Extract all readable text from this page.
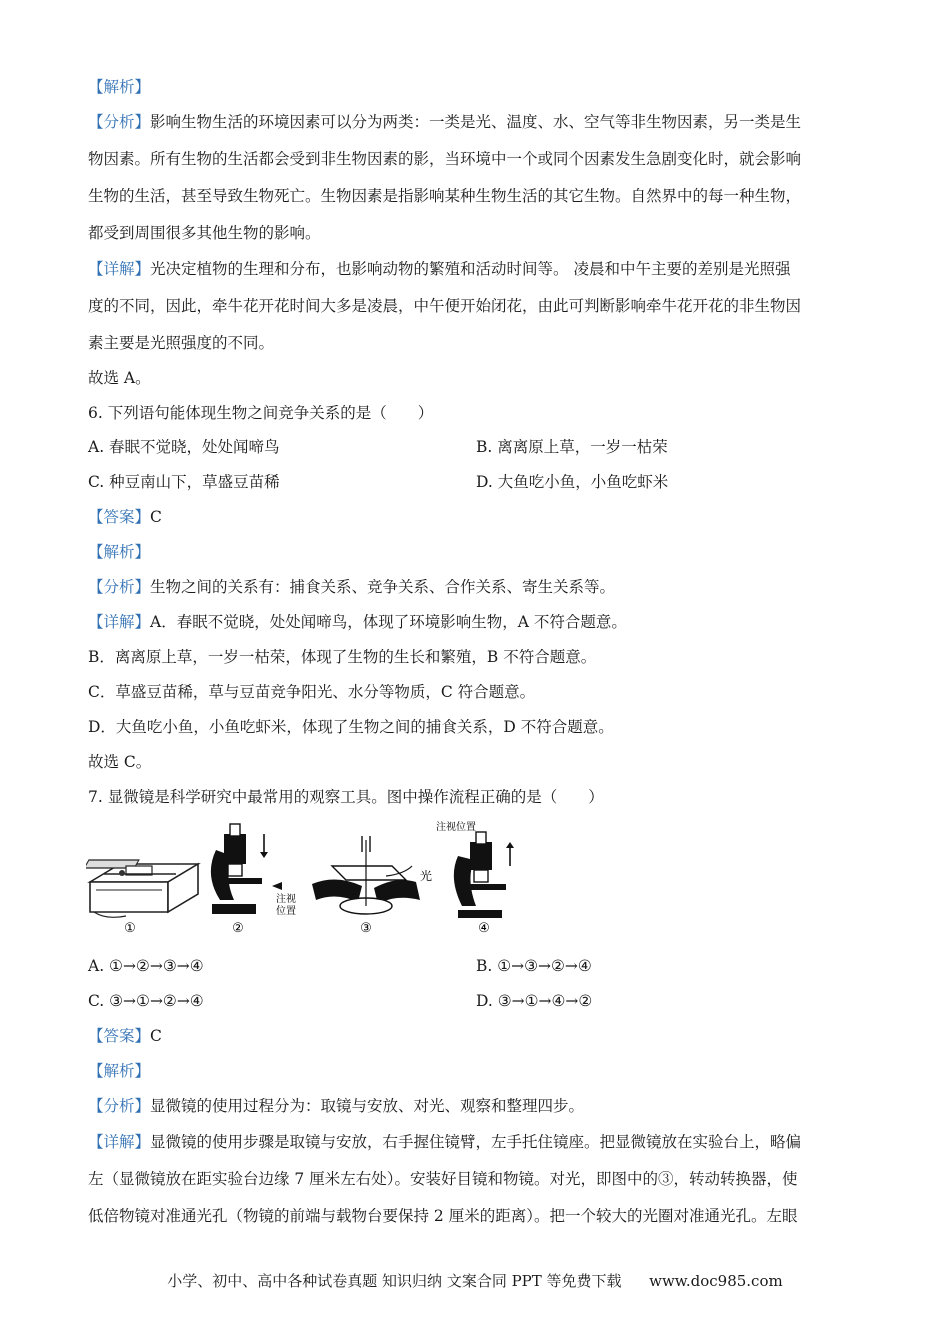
【解析】
【分析】影响生物生活的环境因素可以分为两类：一类是光、温度、水、空气等非生物因素，另一类是生
物因素。所有生物的生活都会受到非生物因素的影，当环境中一个或同个因素发生急剧变化时，就会影响
生物的生活，甚至导致生物死亡。生物因素是指影响某种生物生活的其它生物。自然界中的每一种生物，
都受到周围很多其他生物的影响。
【详解】光决定植物的生理和分布，也影响动物的繁殖和活动时间等。 凌晨和中午主要的差别是光照强
度的不同，因此，牵牛花开花时间大多是凌晨，中午便开始闭花，由此可判断影响牵牛花开花的非生物因
素主要是光照强度的不同。
故选 A。
6. 下列语句能体现生物之间竞争关系的是（　　）
A. 春眠不觉晓，处处闻啼鸟	B. 离离原上草，一岁一枯荣
C. 种豆南山下，草盛豆苗稀	D. 大鱼吃小鱼，小鱼吃虾米
【答案】C
【解析】
【分析】生物之间的关系有：捕食关系、竞争关系、合作关系、寄生关系等。
【详解】A．春眠不觉晓，处处闻啼鸟，体现了环境影响生物，A 不符合题意。
B．离离原上草，一岁一枯荣，体现了生物的生长和繁殖，B 不符合题意。
C．草盛豆苗稀，草与豆苗竞争阳光、水分等物质，C 符合题意。
D．大鱼吃小鱼，小鱼吃虾米，体现了生物之间的捕食关系，D 不符合题意。
故选 C。
7. 显微镜是科学研究中最常用的观察工具。图中操作流程正确的是（　　）
①
注视
位置
②
光
③
注视位置
④
A. ①→②→③→④	B. ①→③→②→④
C. ③→①→②→④	D. ③→①→④→②
【答案】C
【解析】
【分析】显微镜的使用过程分为：取镜与安放、对光、观察和整理四步。
【详解】显微镜的使用步骤是取镜与安放，右手握住镜臂，左手托住镜座。把显微镜放在实验台上，略偏
左（显微镜放在距实验台边缘 7 厘米左右处）。安装好目镜和物镜。对光，即图中的③，转动转换器，使
低倍物镜对准通光孔（物镜的前端与载物台要保持 2 厘米的距离）。把一个较大的光圈对准通光孔。左眼
小学、初中、高中各种试卷真题 知识归纳 文案合同 PPT 等免费下载 www.doc985.com
